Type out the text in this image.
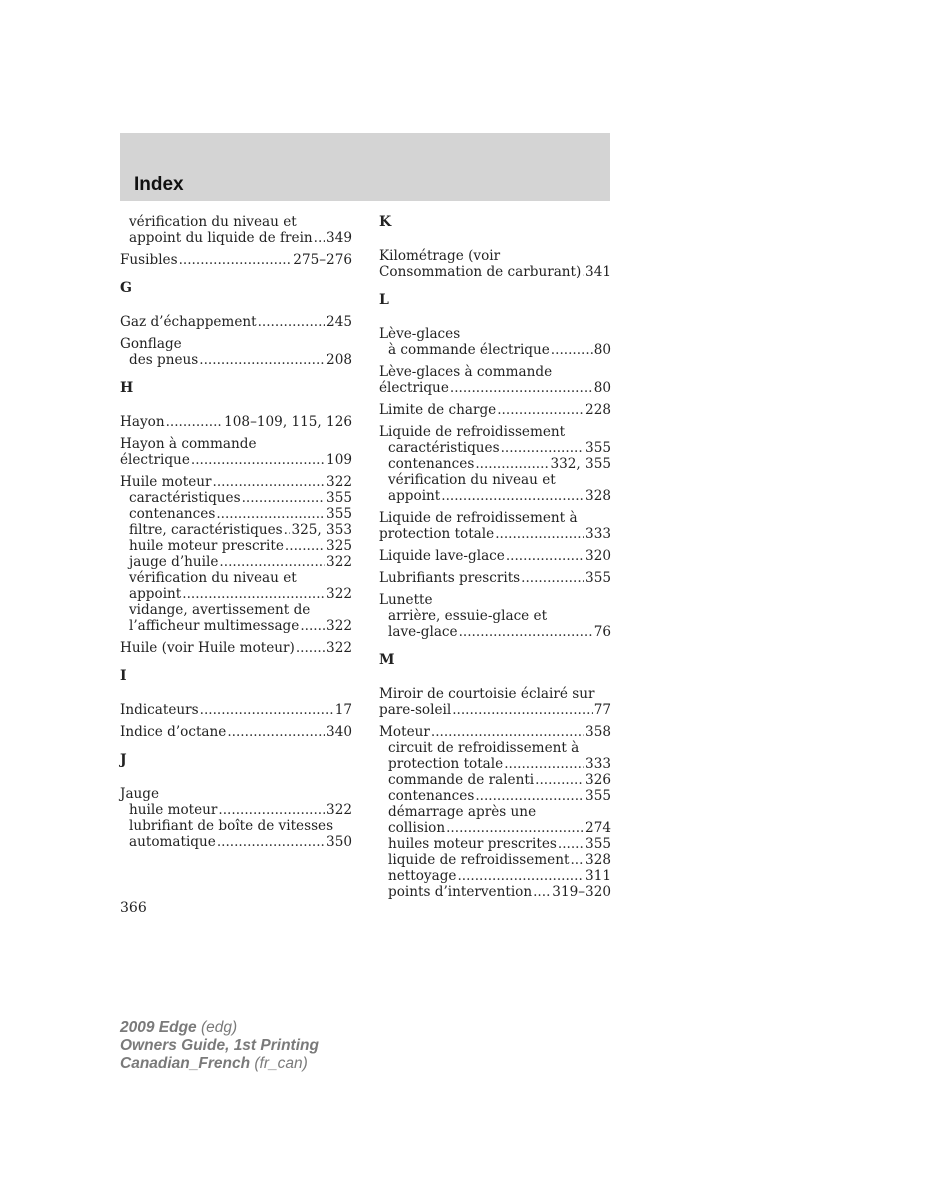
Index
vérification du niveau et
appoint du liquide de frein ..... 349
Fusibles .....	275–276
G
Gaz d’échappement .....	245
Gonflage
des pneus .....	208
H
Hayon .....	108–109, 115, 126
Hayon à commande
électrique .....	109
Huile moteur .....	322
caractéristiques .....	355
contenances .....	355
filtre, caractéristiques ..... 325, 353
huile moteur prescrite .....	325
jauge d’huile .....	322
vérification du niveau et
appoint .....	322
vidange, avertissement de
l’afficheur multimessage ..... 322
Huile (voir Huile moteur) ..... 322
I
Indicateurs .....	17
Indice d’octane .....	340
J
Jauge
huile moteur .....	322
lubrifiant de boîte de vitesses
automatique .....	350
K
Kilométrage (voir
Consommation de carburant) ..... 341
L
Lève-glaces
à commande électrique .....	80
Lève-glaces à commande
électrique .....	80
Limite de charge .....	228
Liquide de refroidissement
caractéristiques .....	355
contenances .....	332, 355
vérification du niveau et
appoint .....	328
Liquide de refroidissement à
protection totale .....	333
Liquide lave-glace .....	320
Lubrifiants prescrits .....	355
Lunette
arrière, essuie-glace et
lave-glace .....	76
M
Miroir de courtoisie éclairé sur
pare-soleil .....	77
Moteur .....	358
circuit de refroidissement à
protection totale .....	333
commande de ralenti .....	326
contenances .....	355
démarrage après une
collision .....	274
huiles moteur prescrites ..... 355
liquide de refroidissement ..... 328
nettoyage .....	311
points d’intervention ..... 319–320
366
2009 Edge (edg)
Owners Guide, 1st Printing
Canadian_French (fr_can)
